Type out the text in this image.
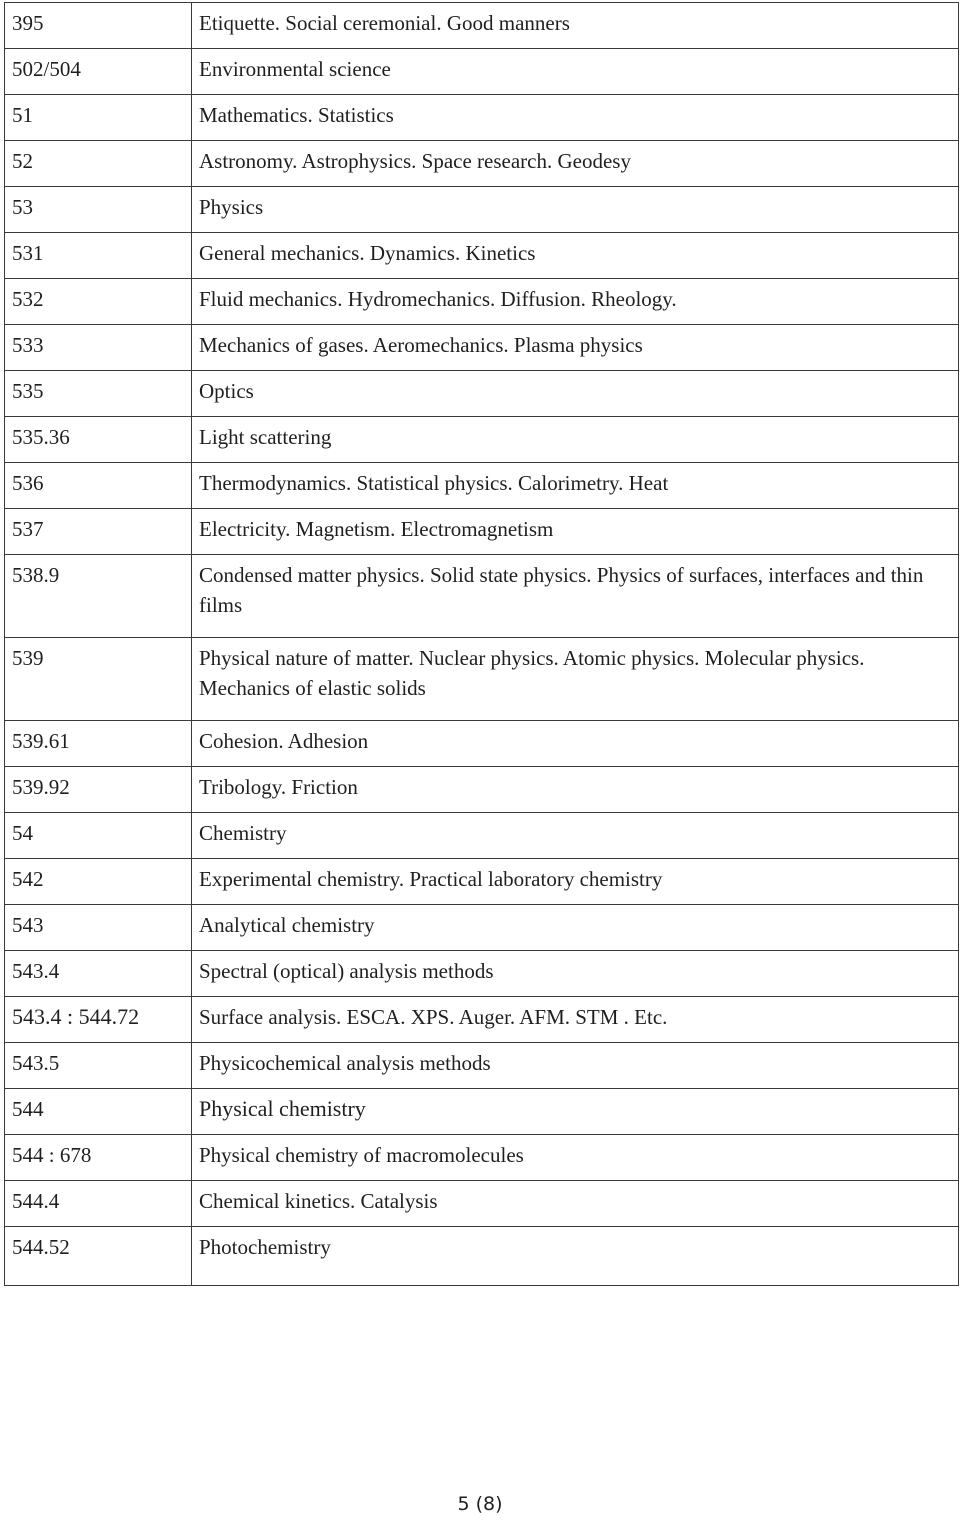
395	Etiquette. Social ceremonial. Good manners
502/504	Environmental science
51	Mathematics. Statistics
52	Astronomy. Astrophysics. Space research. Geodesy
53	Physics
531	General mechanics. Dynamics. Kinetics
532	Fluid mechanics. Hydromechanics. Diffusion. Rheology.
533	Mechanics of gases. Aeromechanics. Plasma physics
535	Optics
535.36	Light scattering
536	Thermodynamics. Statistical physics. Calorimetry. Heat
537	Electricity. Magnetism. Electromagnetism
538.9	Condensed matter physics. Solid state physics. Physics of surfaces, interfaces and thin films
539	Physical nature of matter. Nuclear physics. Atomic physics. Molecular physics. Mechanics of elastic solids
539.61	Cohesion. Adhesion
539.92	Tribology. Friction
54	Chemistry
542	Experimental chemistry. Practical laboratory chemistry
543	Analytical chemistry
543.4	Spectral (optical) analysis methods
543.4 : 544.72	Surface analysis. ESCA. XPS. Auger. AFM. STM . Etc.
543.5	Physicochemical analysis methods
544	Physical chemistry
544 : 678	Physical chemistry of macromolecules
544.4	Chemical kinetics. Catalysis
544.52	Photochemistry
5 (8)
